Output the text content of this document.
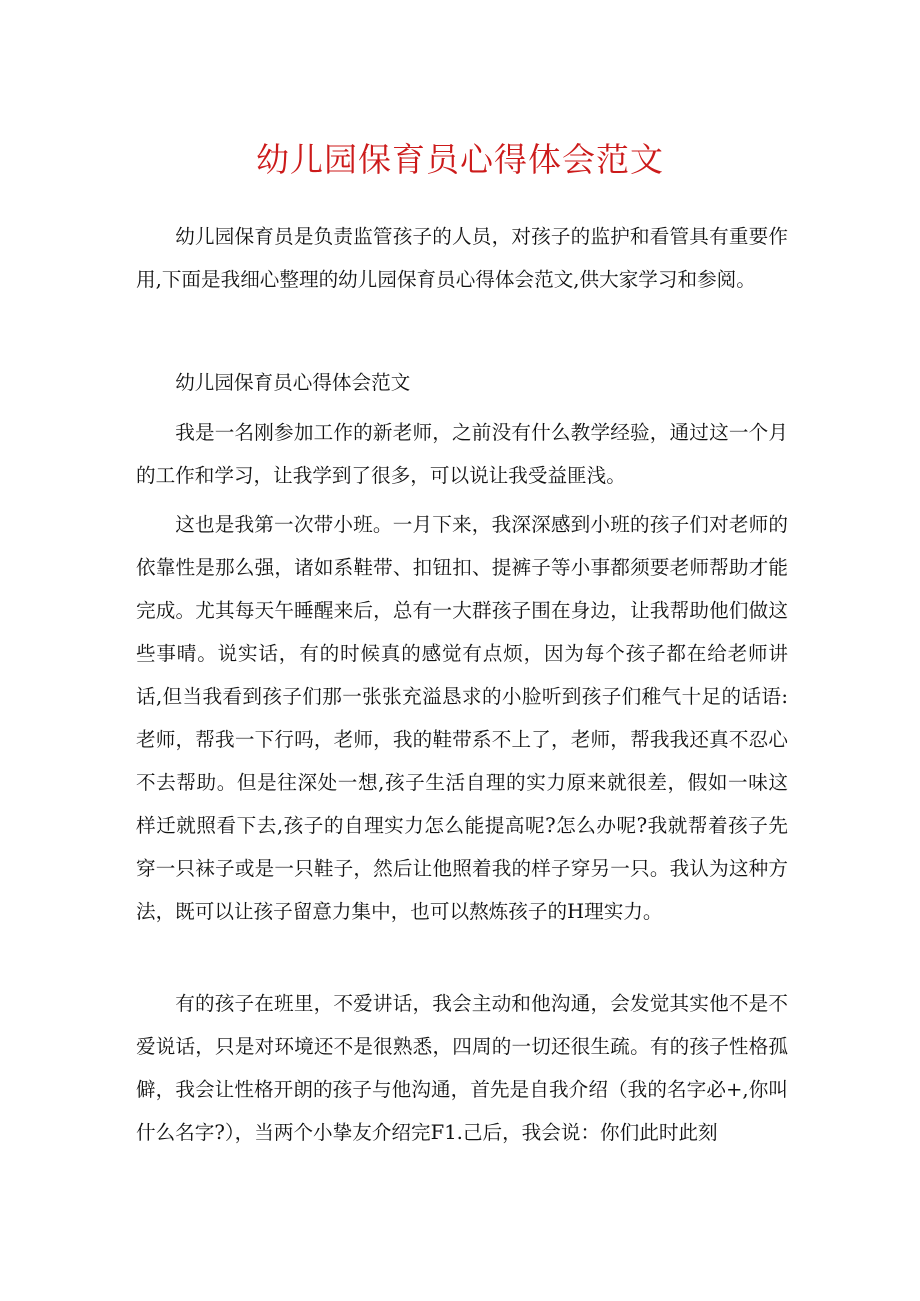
幼儿园保育员心得体会范文

幼儿园保育员是负责监管孩子的人员，对孩子的监护和看管具有重要作用,下面是我细心整理的幼儿园保育员心得体会范文,供大家学习和参阅。

幼儿园保育员心得体会范文

我是一名刚参加工作的新老师，之前没有什么教学经验，通过这一个月的工作和学习，让我学到了很多，可以说让我受益匪浅。

这也是我第一次带小班。一月下来，我深深感到小班的孩子们对老师的依靠性是那么强，诸如系鞋带、扣钮扣、提裤子等小事都须要老师帮助才能完成。尤其每天午睡醒来后，总有一大群孩子围在身边，让我帮助他们做这些事晴。说实话，有的时候真的感觉有点烦，因为每个孩子都在给老师讲话,但当我看到孩子们那一张张充溢恳求的小脸听到孩子们稚气十足的话语:老师，帮我一下行吗，老师，我的鞋带系不上了，老师，帮我我还真不忍心不去帮助。但是往深处一想,孩子生活自理的实力原来就很差，假如一味这样迁就照看下去,孩子的自理实力怎么能提高呢?怎么办呢?我就帮着孩子先穿一只袜子或是一只鞋子，然后让他照着我的样子穿另一只。我认为这种方法，既可以让孩子留意力集中，也可以熬炼孩子的H理实力。

有的孩子在班里，不爱讲话，我会主动和他沟通，会发觉其实他不是不爱说话，只是对环境还不是很熟悉，四周的一切还很生疏。有的孩子性格孤僻，我会让性格开朗的孩子与他沟通，首先是自我介绍（我的名字必+,你叫什么名字?），当两个小挚友介绍完F1.己后，我会说：你们此时此刻
